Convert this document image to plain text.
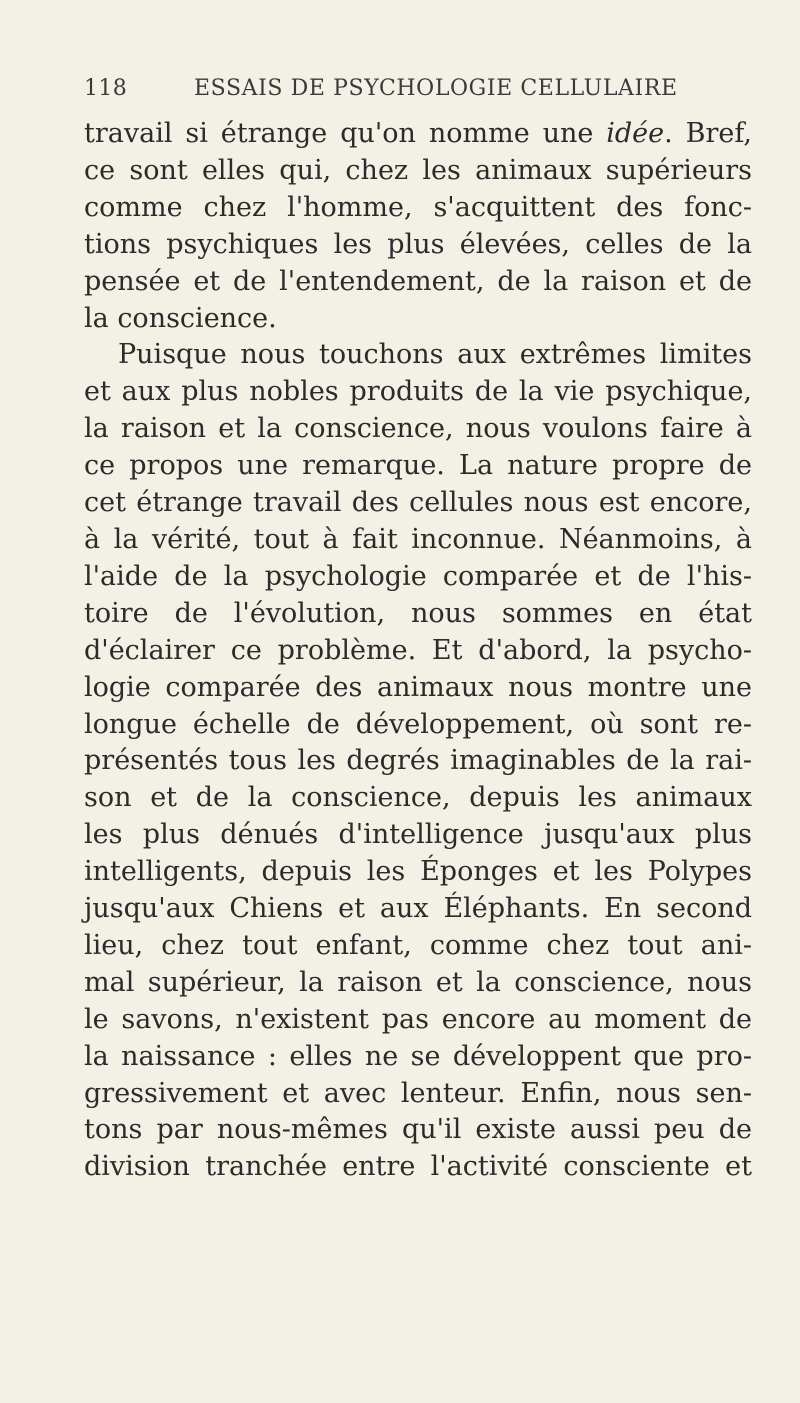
118	ESSAIS DE PSYCHOLOGIE CELLULAIRE
travail si étrange qu'on nomme une idée. Bref,
ce sont elles qui, chez les animaux supérieurs
comme chez l'homme, s'acquittent des fonc-
tions psychiques les plus élevées, celles de la
pensée et de l'entendement, de la raison et de
la conscience.
Puisque nous touchons aux extrêmes limites
et aux plus nobles produits de la vie psychique,
la raison et la conscience, nous voulons faire à
ce propos une remarque. La nature propre de
cet étrange travail des cellules nous est encore,
à la vérité, tout à fait inconnue. Néanmoins, à
l'aide de la psychologie comparée et de l'his-
toire de l'évolution, nous sommes en état
d'éclairer ce problème. Et d'abord, la psycho-
logie comparée des animaux nous montre une
longue échelle de développement, où sont re-
présentés tous les degrés imaginables de la rai-
son et de la conscience, depuis les animaux
les plus dénués d'intelligence jusqu'aux plus
intelligents, depuis les Éponges et les Polypes
jusqu'aux Chiens et aux Éléphants. En second
lieu, chez tout enfant, comme chez tout ani-
mal supérieur, la raison et la conscience, nous
le savons, n'existent pas encore au moment de
la naissance : elles ne se développent que pro-
gressivement et avec lenteur. Enfin, nous sen-
tons par nous-mêmes qu'il existe aussi peu de
division tranchée entre l'activité consciente et
